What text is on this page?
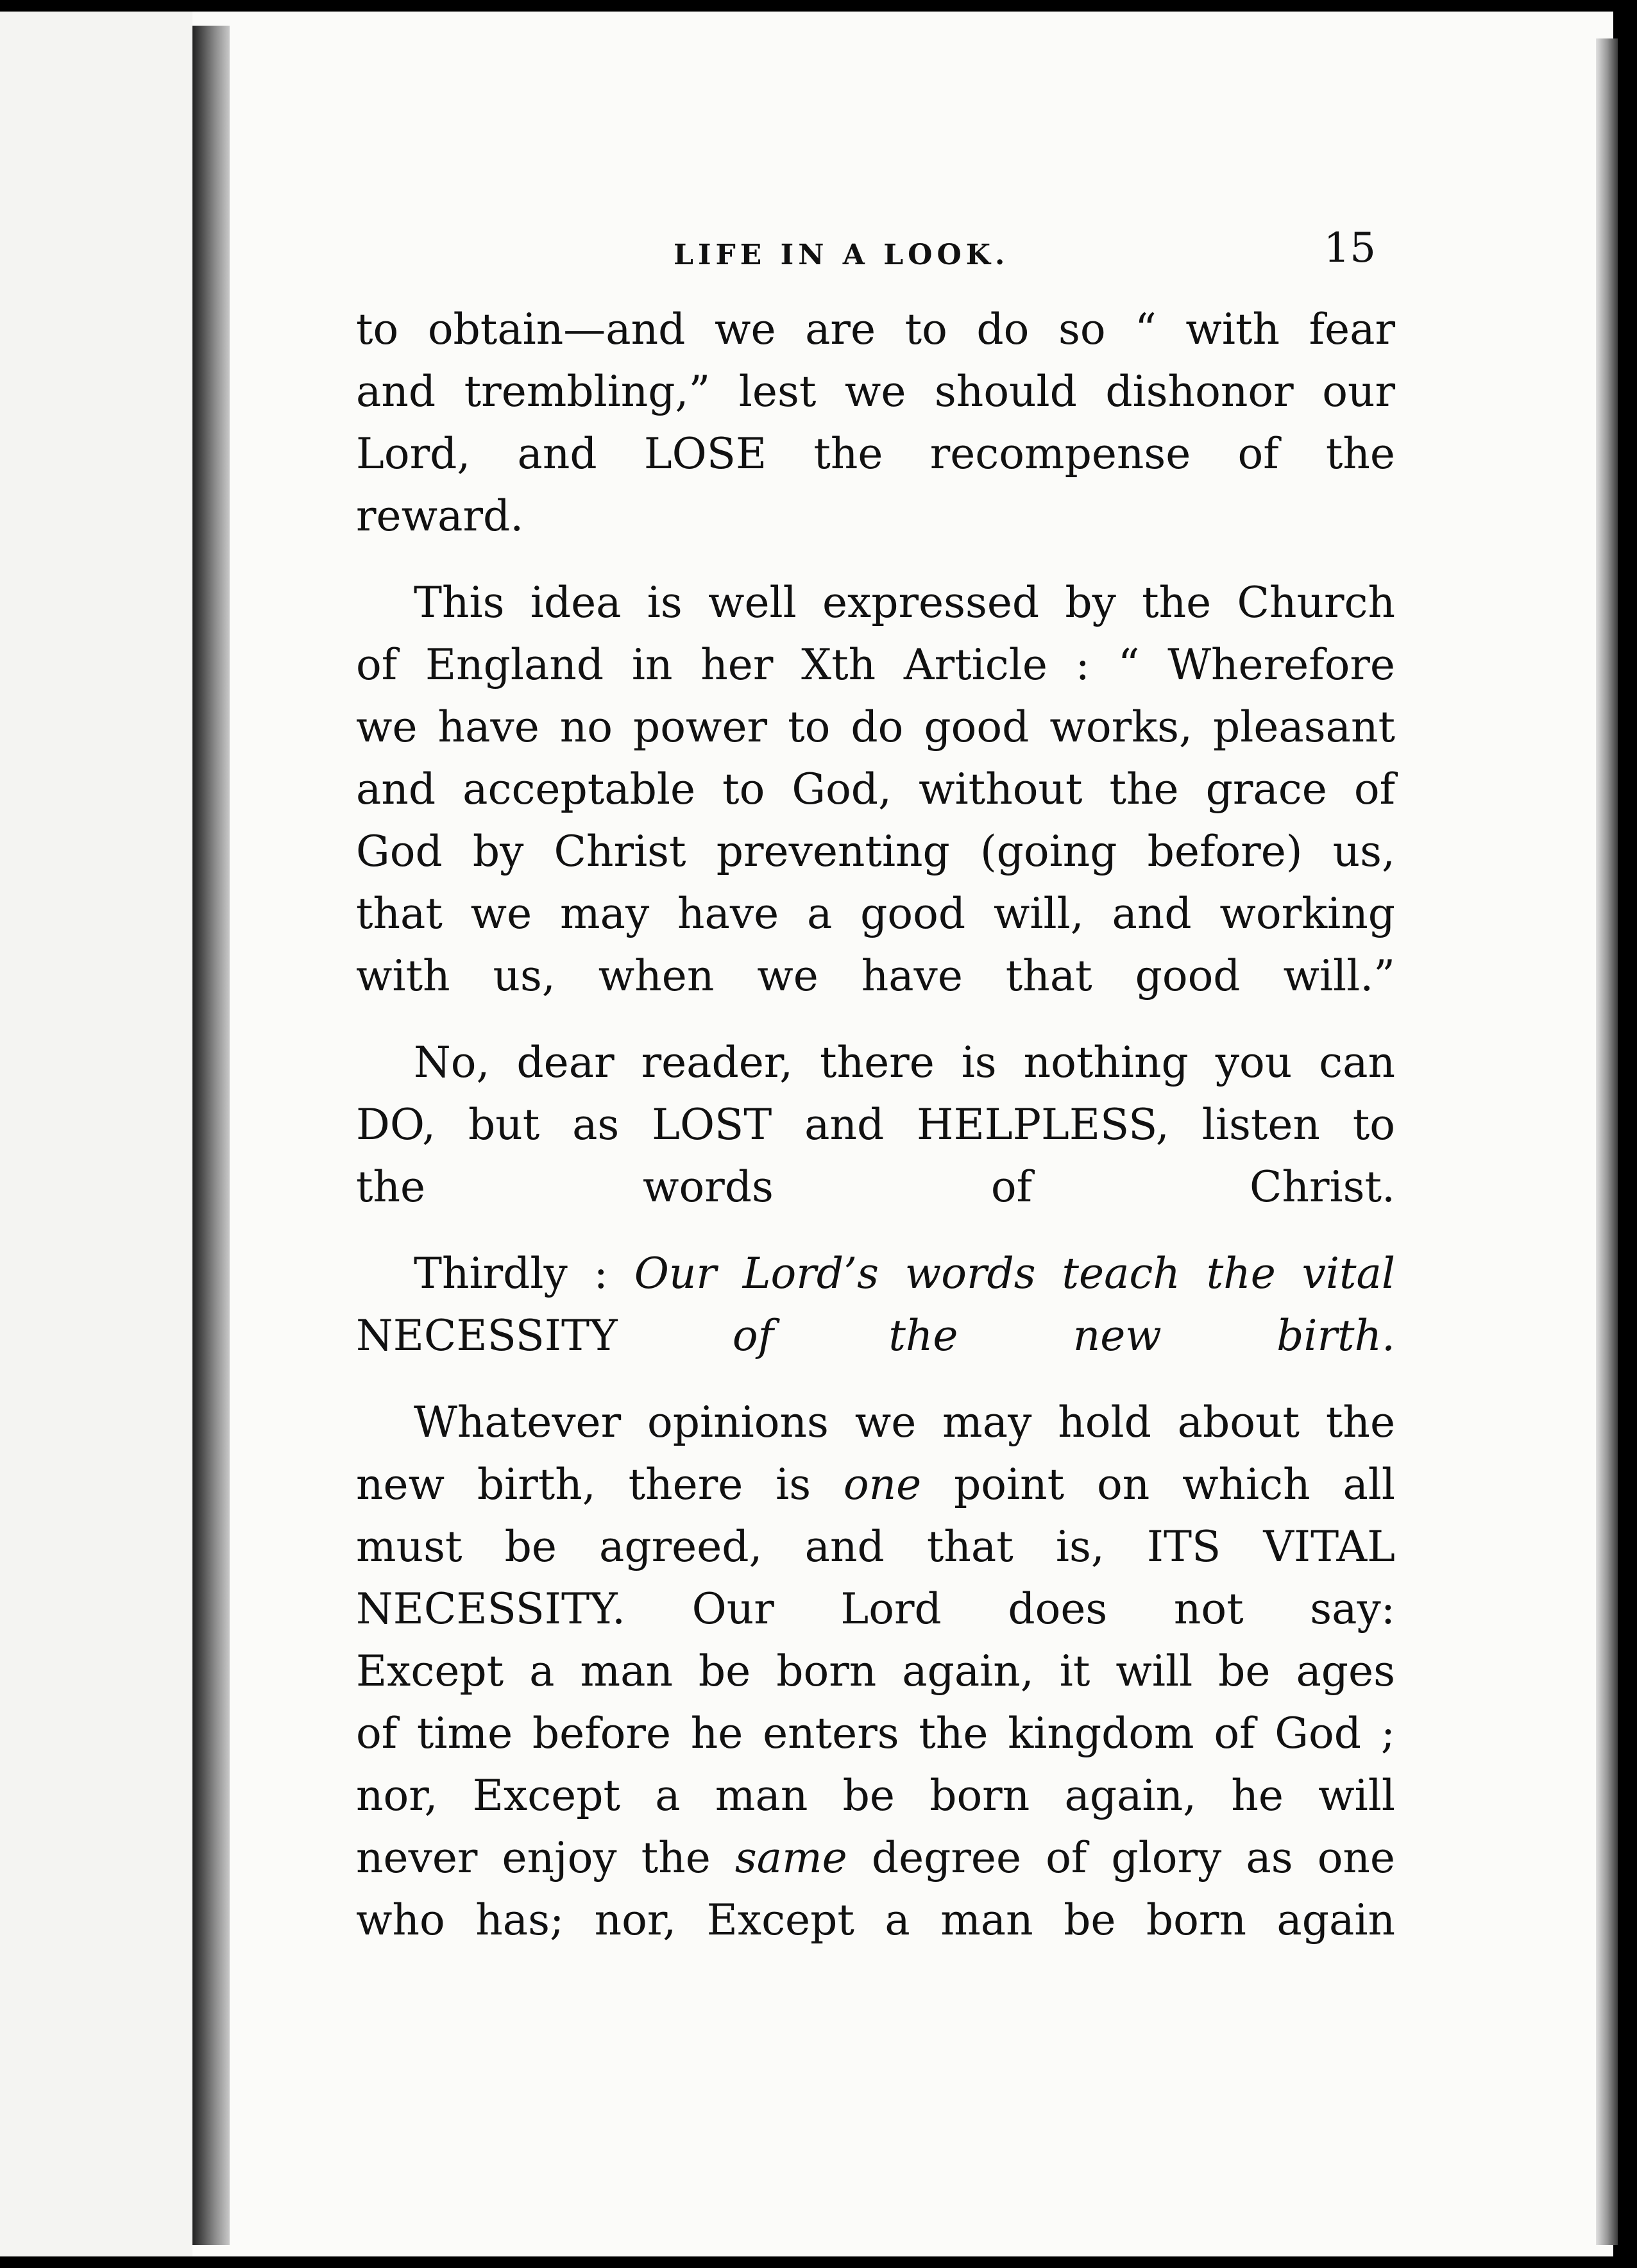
LIFE IN A LOOK.	15

to obtain—and we are to do so “ with fear
and trembling,” lest we should dishonor our
Lord, and LOSE the recompense of the
reward.

This idea is well expressed by the Church
of England in her Xth Article : “ Wherefore
we have no power to do good works, pleasant
and acceptable to God, without the grace of
God by Christ preventing (going before) us,
that we may have a good will, and working
with us, when we have that good will.”

No, dear reader, there is nothing you can
DO, but as LOST and HELPLESS, listen to
the words of Christ.

Thirdly : Our Lord’s words teach the vital
NECESSITY	of the new birth.

Whatever opinions we may hold about the
new birth, there is one point on which all
must be agreed, and that is, ITS VITAL
NECESSITY. Our Lord does not say:
Except a man be born again, it will be ages
of time before he enters the kingdom of God ;
nor, Except a man be born again, he will
never enjoy the same degree of glory as one
who has; nor, Except a man be born again
